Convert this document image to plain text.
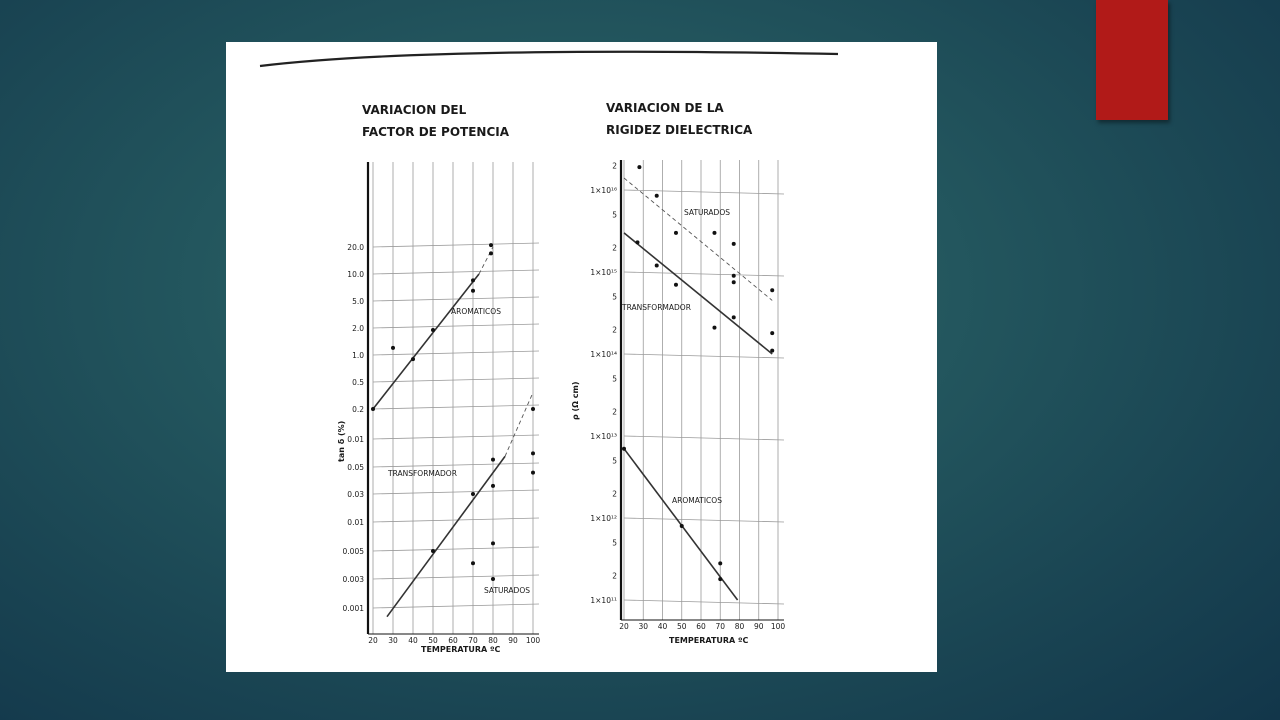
VARIACION DEL
FACTOR DE POTENCIA
20.0
10.0
5.0
2.0
1.0
0.5
0.2
0.01
0.05
0.03
0.01
0.005
0.003
0.001
20 30 40 50 60 70 80 90 100
TEMPERATURA ºC
tan δ (%)
AROMATICOS
TRANSFORMADOR
SATURADOS
VARIACION DE LA
RIGIDEZ DIELECTRICA
2
1×10¹⁶
5
2
1×10¹⁵
5
2
1×10¹⁴
5
2
1×10¹³
5
2
1×10¹²
5
2
1×10¹¹
20 30 40 50 60 70 80 90 100
TEMPERATURA ºC
ρ (Ω cm)
SATURADOS
TRANSFORMADOR
AROMATICOS
